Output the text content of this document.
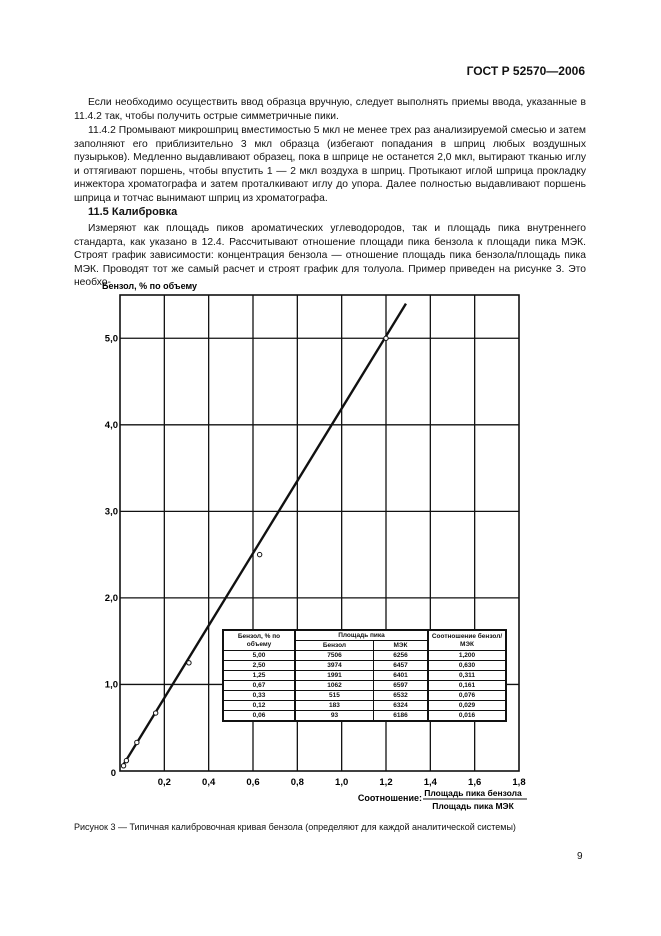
ГОСТ Р 52570—2006

Если необходимо осуществить ввод образца вручную, следует выполнять приемы ввода, указанные в 11.4.2 так, чтобы получить острые симметричные пики.

11.4.2 Промывают микрошприц вместимостью 5 мкл не менее трех раз анализируемой смесью и затем заполняют его приблизительно 3 мкл образца (избегают попадания в шприц любых воздушных пузырьков). Медленно выдавливают образец, пока в шприце не останется 2,0 мкл, вытирают тканью иглу и оттягивают поршень, чтобы впустить 1 — 2 мкл воздуха в шприц. Протыкают иглой шприца прокладку инжектора хроматографа и затем проталкивают иглу до упора. Далее полностью выдавливают поршень шприца и тотчас вынимают шприц из хроматографа.

11.5 Калибровка

Измеряют как площадь пиков ароматических углеводородов, так и площадь пика внутреннего стандарта, как указано в 12.4. Рассчитывают отношение площади пика бензола к площади пика МЭК. Строят график зависимости: концентрация бензола — отношение площадь пика бензола/площадь пика МЭК. Проводят тот же самый расчет и строят график для толуола. Пример приведен на рисунке 3. Это необхо-

0,2	0,4	0,6	0,8	1,0	1,2	1,4	1,6	1,8
1,0
2,0
3,0
4,0
5,0
0
Бензол, % по объему
Соотношение: Площадь пика бензола
Площадь пика МЭК
Бензол, % по объему	Площадь пика		Соотношение бензол/МЭК
	Бензол	МЭК	
5,00	7506	6256	1,200
2,50	3974	6457	0,630
1,25	1991	6401	0,311
0,67	1062	6597	0,161
0,33	515	6532	0,076
0,12	183	6324	0,029
0,06	93	6186	0,016

Рисунок 3 — Типичная калибровочная кривая бензола (определяют для каждой аналитической системы)

9
